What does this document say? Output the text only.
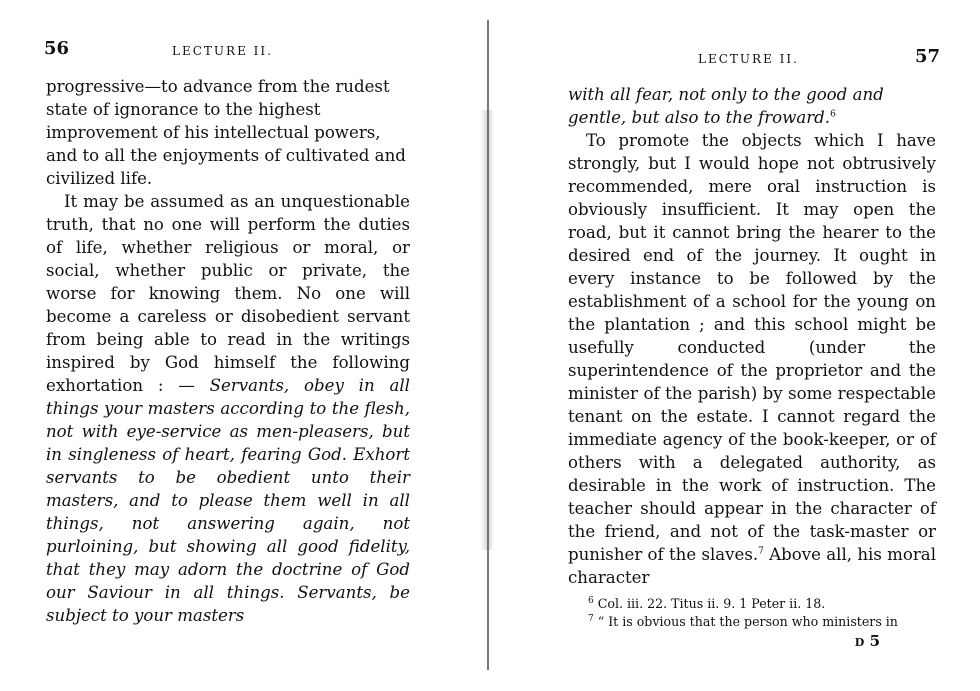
56	LECTURE II.

progressive—to advance from the rudest state of ignorance to the highest improvement of his intellectual powers, and to all the enjoyments of cultivated and civilized life.

It may be assumed as an unquestionable truth, that no one will perform the duties of life, whether religious or moral, or social, whether public or private, the worse for knowing them. No one will become a careless or disobedient servant from being able to read in the writings inspired by God himself the following exhortation : — Servants, obey in all things your masters according to the flesh, not with eye-service as men-pleasers, but in singleness of heart, fearing God. Exhort servants to be obedient unto their masters, and to please them well in all things, not answering again, not purloining, but showing all good fidelity, that they may adorn the doctrine of God our Saviour in all things. Servants, be subject to your masters

LECTURE II.	57

with all fear, not only to the good and gentle, but also to the froward.$^6$

To promote the objects which I have strongly, but I would hope not obtrusively recommended, mere oral instruction is obviously insufficient. It may open the road, but it cannot bring the hearer to the desired end of the journey. It ought in every instance to be followed by the establishment of a school for the young on the plantation ; and this school might be usefully conducted (under the superintendence of the proprietor and the minister of the parish) by some respectable tenant on the estate. I cannot regard the immediate agency of the book-keeper, or of others with a delegated authority, as desirable in the work of instruction. The teacher should appear in the character of the friend, and not of the task-master or punisher of the slaves.$^7$ Above all, his moral character

$^6$ Col. iii. 22. Titus ii. 9. 1 Peter ii. 18.
$^7$ “ It is obvious that the person who ministers in
D 5
